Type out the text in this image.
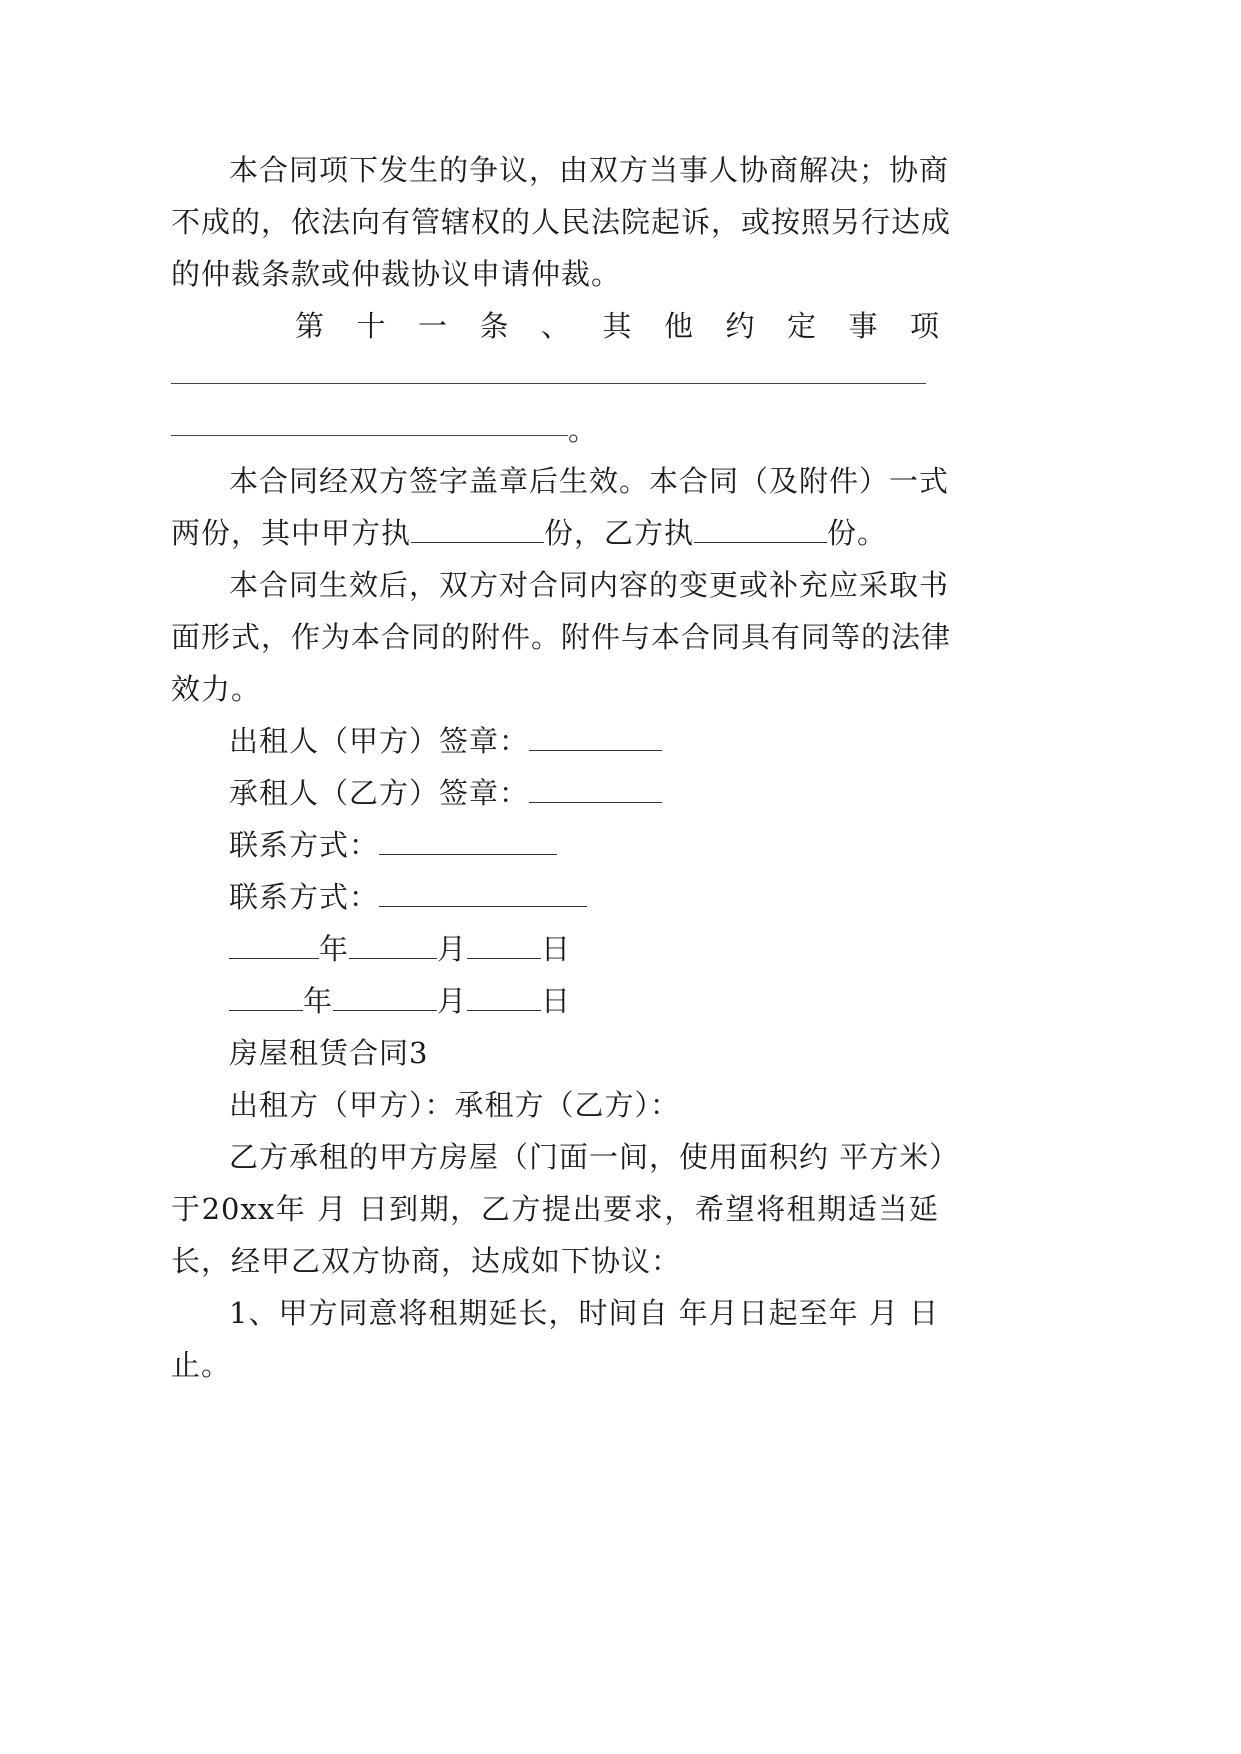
本合同项下发生的争议，由双方当事人协商解决；协商
不成的，依法向有管辖权的人民法院起诉，或按照另行达成
的仲裁条款或仲裁协议申请仲裁。
第十一条、其他约定事项
。
本合同经双方签字盖章后生效。本合同（及附件）一式
两份，其中甲方执	份，乙方执	份。
本合同生效后，双方对合同内容的变更或补充应采取书
面形式，作为本合同的附件。附件与本合同具有同等的法律
效力。
出租人（甲方）签章：
承租人（乙方）签章：
联系方式：
联系方式：
年	月	日
年	月	日
房屋租赁合同3
出租方（甲方）：承租方（乙方）：
乙方承租的甲方房屋（门面一间，使用面积约 平方米）
于20xx年 月 日到期，乙方提出要求，希望将租期适当延
长，经甲乙双方协商，达成如下协议：
1、甲方同意将租期延长，时间自 年月日起至年 月 日
止。
